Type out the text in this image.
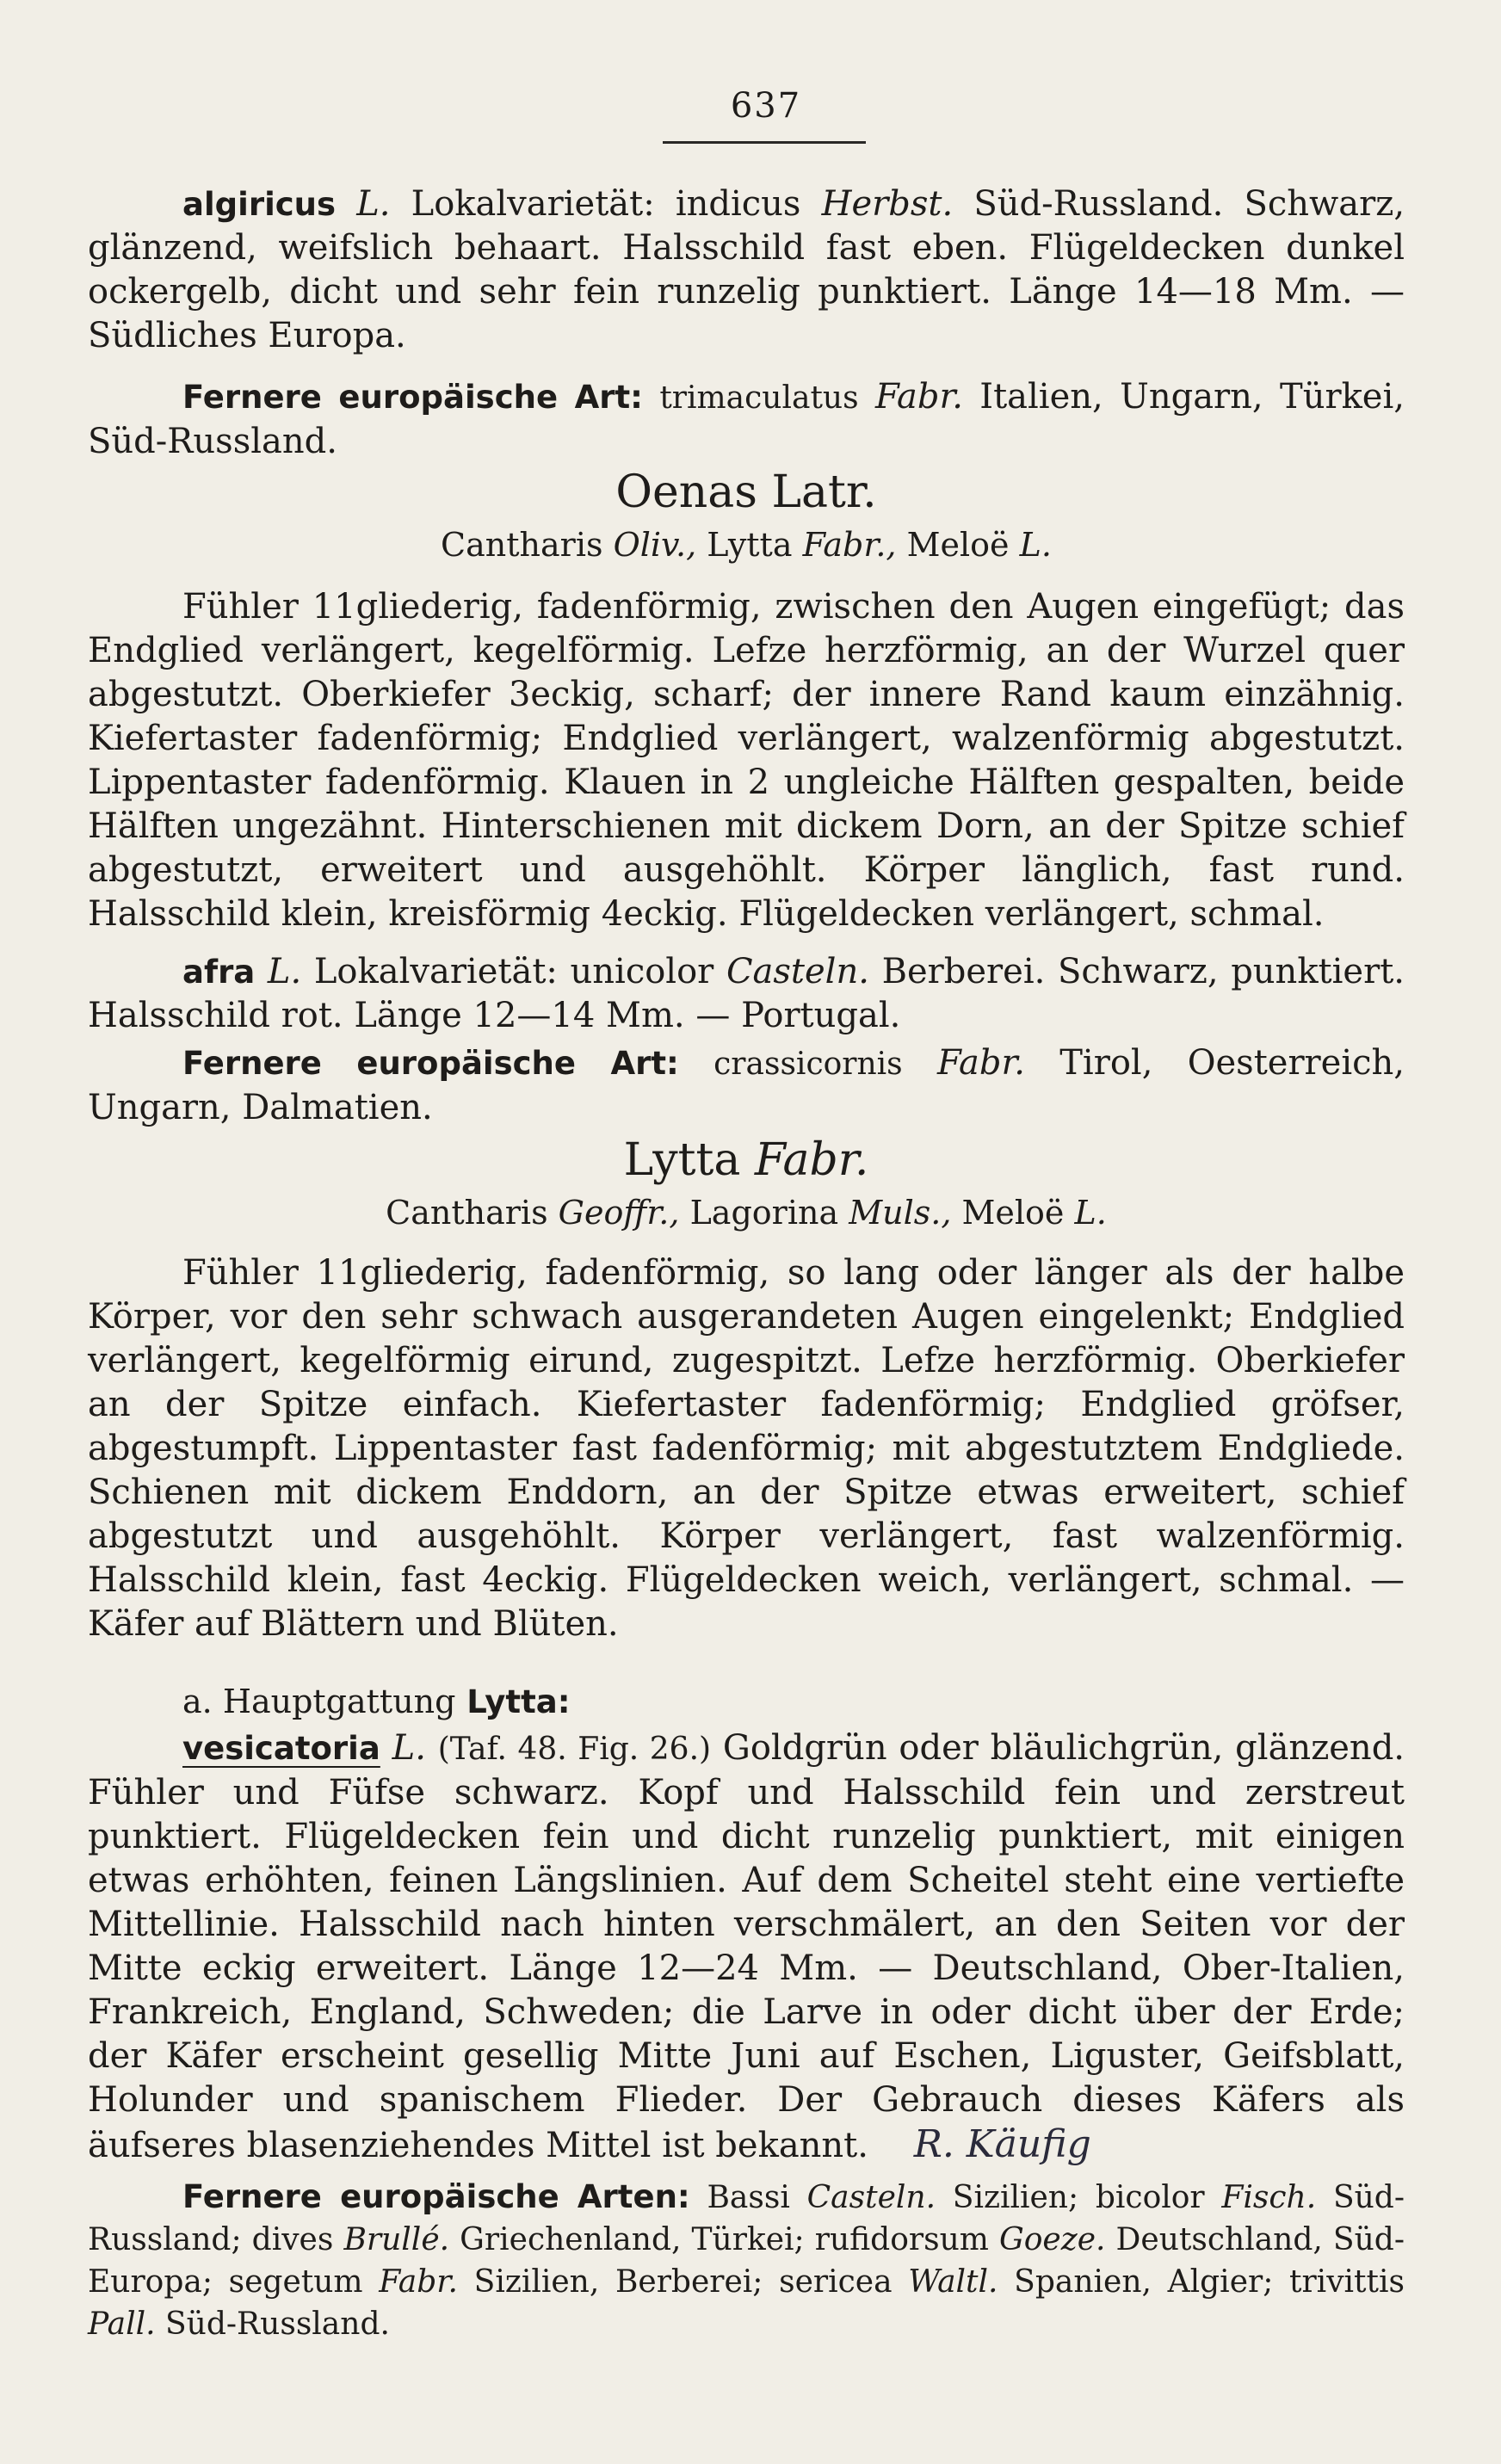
637
algiricus L. Lokalvarietät: indicus Herbst. Süd-Russland. Schwarz, glänzend, weifslich behaart. Halsschild fast eben. Flügeldecken dunkel ockergelb, dicht und sehr fein runzelig punktiert. Länge 14—18 Mm. — Südliches Europa.
Fernere europäische Art: trimaculatus Fabr. Italien, Ungarn, Türkei, Süd-Russland.
Oenas Latr.
Cantharis Oliv., Lytta Fabr., Meloë L.
Fühler 11gliederig, fadenförmig, zwischen den Augen eingefügt; das Endglied verlängert, kegelförmig. Lefze herzförmig, an der Wurzel quer abgestutzt. Oberkiefer 3eckig, scharf; der innere Rand kaum einzähnig. Kiefertaster fadenförmig; Endglied verlängert, walzenförmig abgestutzt. Lippentaster fadenförmig. Klauen in 2 ungleiche Hälften gespalten, beide Hälften ungezähnt. Hinterschienen mit dickem Dorn, an der Spitze schief abgestutzt, erweitert und ausgehöhlt. Körper länglich, fast rund. Halsschild klein, kreisförmig 4eckig. Flügeldecken verlängert, schmal.
afra L. Lokalvarietät: unicolor Casteln. Berberei. Schwarz, punktiert. Halsschild rot. Länge 12—14 Mm. — Portugal.
Fernere europäische Art: crassicornis Fabr. Tirol, Oesterreich, Ungarn, Dalmatien.
Lytta Fabr.
Cantharis Geoffr., Lagorina Muls., Meloë L.
Fühler 11gliederig, fadenförmig, so lang oder länger als der halbe Körper, vor den sehr schwach ausgerandeten Augen eingelenkt; Endglied verlängert, kegelförmig eirund, zugespitzt. Lefze herzförmig. Oberkiefer an der Spitze einfach. Kiefertaster fadenförmig; Endglied gröfser, abgestumpft. Lippentaster fast fadenförmig; mit abgestutztem Endgliede. Schienen mit dickem Enddorn, an der Spitze etwas erweitert, schief abgestutzt und ausgehöhlt. Körper verlängert, fast walzenförmig. Halsschild klein, fast 4eckig. Flügeldecken weich, verlängert, schmal. — Käfer auf Blättern und Blüten.
a. Hauptgattung Lytta:
vesicatoria L. (Taf. 48. Fig. 26.) Goldgrün oder bläulichgrün, glänzend. Fühler und Füfse schwarz. Kopf und Halsschild fein und zerstreut punktiert. Flügeldecken fein und dicht runzelig punktiert, mit einigen etwas erhöhten, feinen Längslinien. Auf dem Scheitel steht eine vertiefte Mittellinie. Halsschild nach hinten verschmälert, an den Seiten vor der Mitte eckig erweitert. Länge 12—24 Mm. — Deutschland, Ober-Italien, Frankreich, England, Schweden; die Larve in oder dicht über der Erde; der Käfer erscheint gesellig Mitte Juni auf Eschen, Liguster, Geifsblatt, Holunder und spanischem Flieder. Der Gebrauch dieses Käfers als äufseres blasenziehendes Mittel ist bekannt. R. Käufig
Fernere europäische Arten: Bassi Casteln. Sizilien; bicolor Fisch. Süd-Russland; dives Brullé. Griechenland, Türkei; rufidorsum Goeze. Deutschland, Süd-Europa; segetum Fabr. Sizilien, Berberei; sericea Waltl. Spanien, Algier; trivittis Pall. Süd-Russland.
